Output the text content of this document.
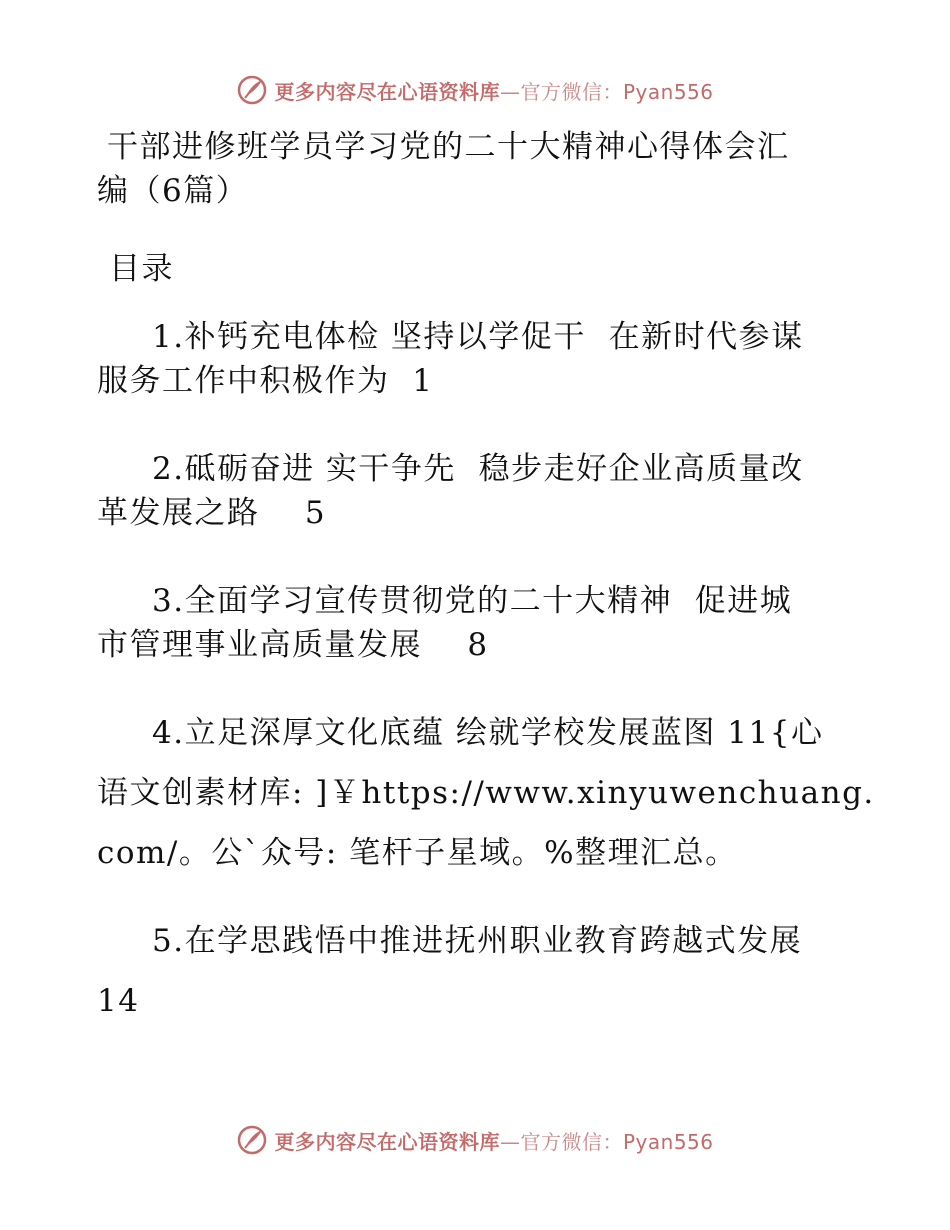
更多内容尽在心语资料库—官方微信：Pyan556
干部进修班学员学习党的二十大精神心得体会汇
编（6篇）
目录
1.补钙充电体检 坚持以学促干  在新时代参谋
服务工作中积极作为  1
2.砥砺奋进 实干争先  稳步走好企业高质量改
革发展之路    5
3.全面学习宣传贯彻党的二十大精神  促进城
市管理事业高质量发展    8
4.立足深厚文化底蕴 绘就学校发展蓝图 11{心
语文创素材库: ]￥https://www.xinyuwenchuang.
com/。公`众号: 笔杆子星域。%整理汇总。
5.在学思践悟中推进抚州职业教育跨越式发展
14
更多内容尽在心语资料库—官方微信：Pyan556
